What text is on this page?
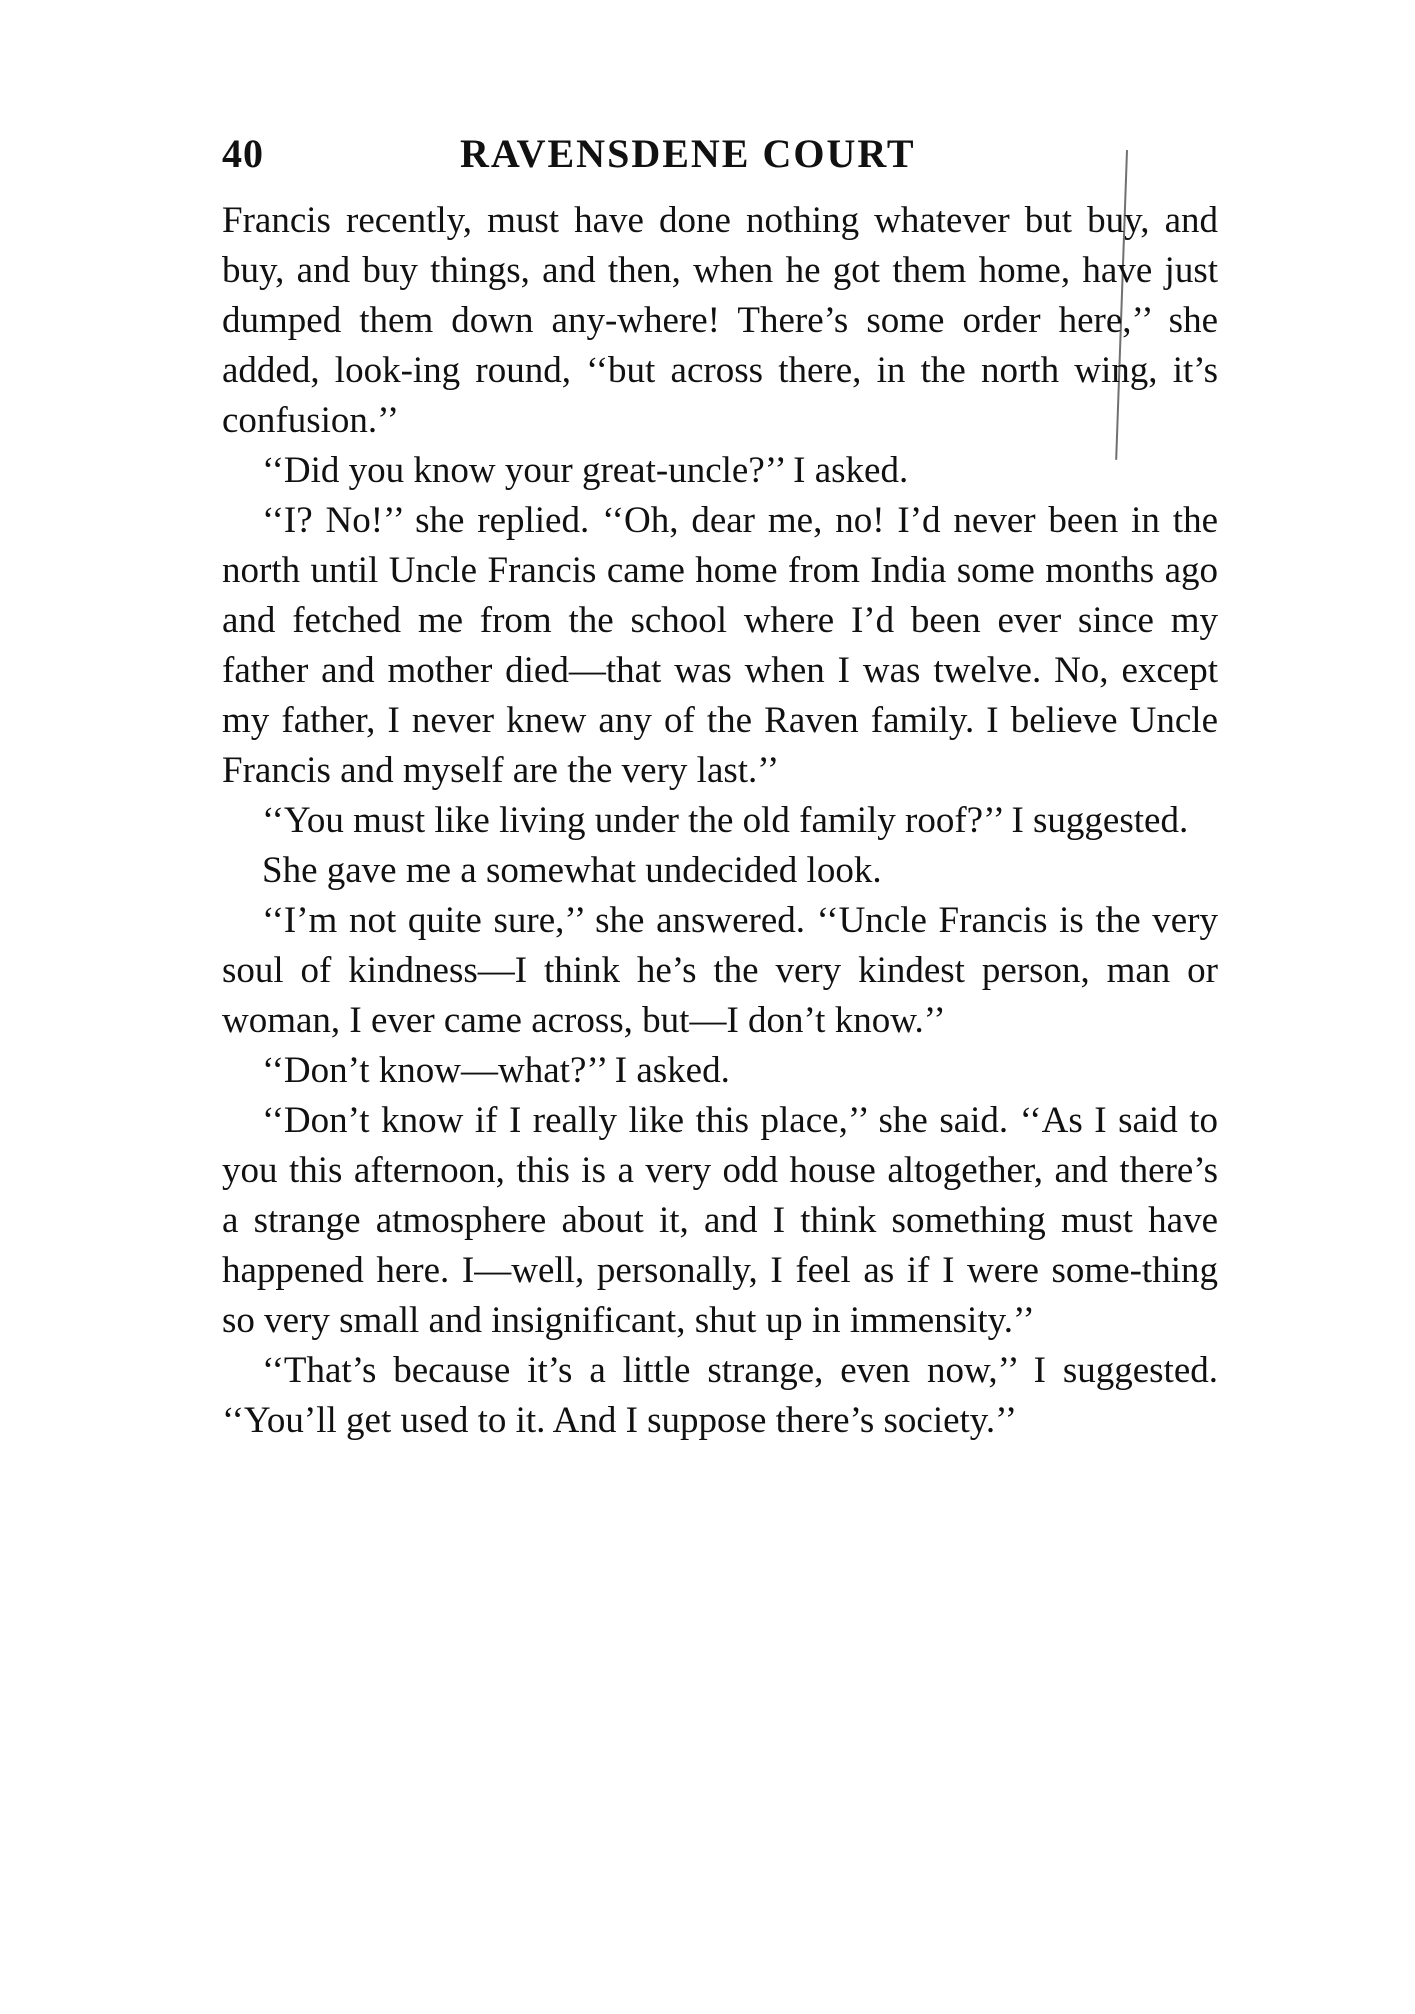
40	RAVENSDENE COURT

Francis recently, must have done nothing whatever but buy, and buy, and buy things, and then, when he got them home, have just dumped them down any-where! There’s some order here,’’ she added, look-ing round, ‘‘but across there, in the north wing, it’s confusion.’’

‘‘Did you know your great-uncle?’’ I asked.

‘‘I? No!’’ she replied. ‘‘Oh, dear me, no! I’d never been in the north until Uncle Francis came home from India some months ago and fetched me from the school where I’d been ever since my father and mother died—that was when I was twelve. No, except my father, I never knew any of the Raven family. I believe Uncle Francis and myself are the very last.’’

‘‘You must like living under the old family roof?’’ I suggested.

She gave me a somewhat undecided look.

‘‘I’m not quite sure,’’ she answered. ‘‘Uncle Francis is the very soul of kindness—I think he’s the very kindest person, man or woman, I ever came across, but—I don’t know.’’

‘‘Don’t know—what?’’ I asked.

‘‘Don’t know if I really like this place,’’ she said. ‘‘As I said to you this afternoon, this is a very odd house altogether, and there’s a strange atmosphere about it, and I think something must have happened here. I—well, personally, I feel as if I were some-thing so very small and insignificant, shut up in immensity.’’

‘‘That’s because it’s a little strange, even now,’’ I suggested. ‘‘You’ll get used to it. And I suppose there’s society.’’
